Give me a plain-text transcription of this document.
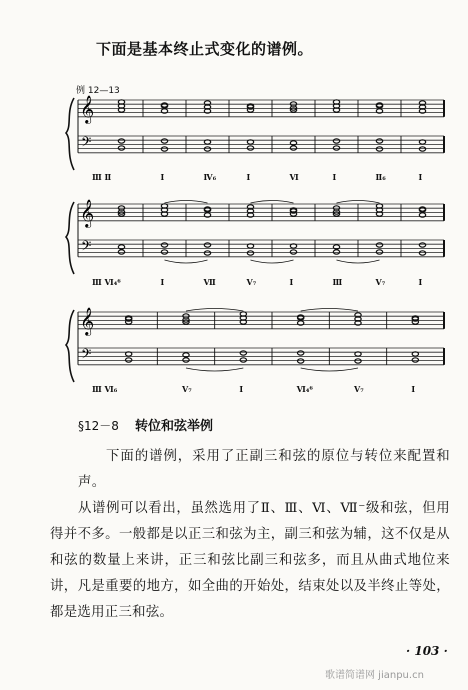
下面是基本终止式变化的谱例。
例 12—13
𝄞
𝄢
Ⅲ Ⅱ	Ⅰ	Ⅳ₆	Ⅰ	Ⅵ	Ⅰ	Ⅱ₆	Ⅰ
𝄞
𝄢
Ⅲ Ⅵ₄⁶	Ⅰ	Ⅶ	Ⅴ₇	Ⅰ	Ⅲ	Ⅴ₇	Ⅰ
𝄞
𝄢
Ⅲ Ⅵ₆	Ⅴ₇	Ⅰ	Ⅵ₄⁶	Ⅴ₇	Ⅰ
§12－8 转位和弦举例
下面的谱例，采用了正副三和弦的原位与转位来配置和声。
从谱例可以看出，虽然选用了Ⅱ、Ⅲ、Ⅵ、Ⅶ⁻级和弦，但用得并不多。一般都是以正三和弦为主，副三和弦为辅，这不仅是从和弦的数量上来讲，正三和弦比副三和弦多，而且从曲式地位来讲，凡是重要的地方，如全曲的开始处，结束处以及半终止等处，都是选用正三和弦。
· 103 ·
歌谱简谱网 jianpu.cn
